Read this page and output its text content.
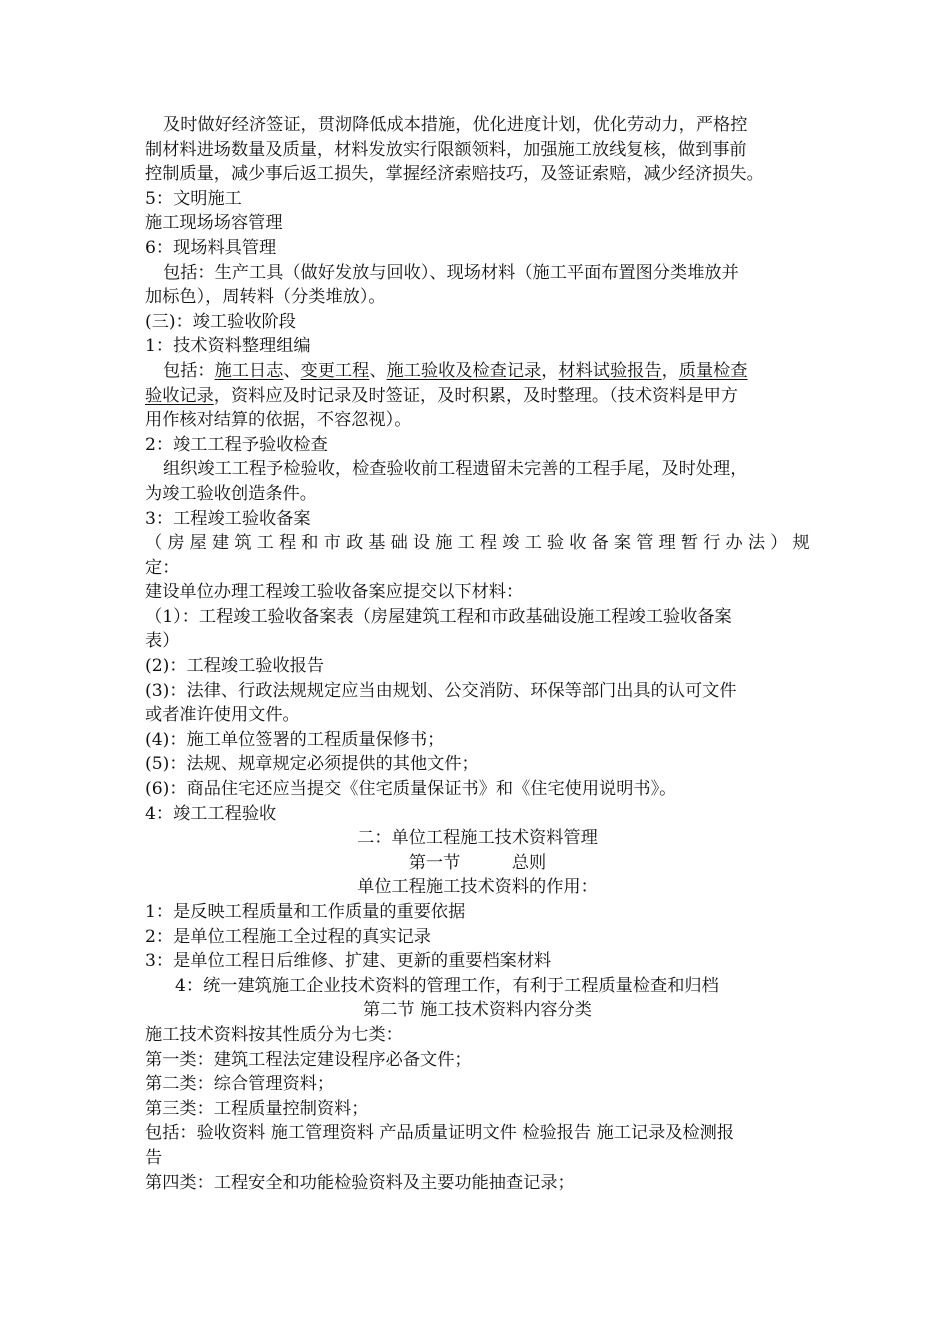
及时做好经济签证，贯沏降低成本措施，优化进度计划，优化劳动力，严格控
制材料进场数量及质量，材料发放实行限额领料，加强施工放线复核，做到事前
控制质量，减少事后返工损失，掌握经济索赔技巧，及签证索赔，减少经济损失。
5：文明施工
施工现场场容管理
6：现场料具管理
包括：生产工具（做好发放与回收）、现场材料（施工平面布置图分类堆放并
加标色），周转料（分类堆放）。
(三)：竣工验收阶段
1：技术资料整理组编
包括：施工日志、变更工程、施工验收及检查记录，材料试验报告，质量检查
验收记录，资料应及时记录及时签证，及时积累，及时整理。（技术资料是甲方
用作核对结算的依据，不容忽视）。
2：竣工工程予验收检查
组织竣工工程予检验收，检查验收前工程遗留未完善的工程手尾，及时处理，
为竣工验收创造条件。
3：工程竣工验收备案
（ 房 屋 建 筑 工 程 和 市 政 基 础 设 施 工 程 竣 工 验 收 备 案 管 理 暂 行 办 法 ） 规
定：
建设单位办理工程竣工验收备案应提交以下材料：
（1）：工程竣工验收备案表（房屋建筑工程和市政基础设施工程竣工验收备案
表）
(2)：工程竣工验收报告
(3)：法律、行政法规规定应当由规划、公交消防、环保等部门出具的认可文件
或者准许使用文件。
(4)：施工单位签署的工程质量保修书；
(5)：法规、规章规定必须提供的其他文件；
(6)：商品住宅还应当提交《住宅质量保证书》和《住宅使用说明书》。
4：竣工工程验收
二：单位工程施工技术资料管理
第一节　　　总则
单位工程施工技术资料的作用：
1：是反映工程质量和工作质量的重要依据
2：是单位工程施工全过程的真实记录
3：是单位工程日后维修、扩建、更新的重要档案材料
4：统一建筑施工企业技术资料的管理工作，有利于工程质量检查和归档
第二节 施工技术资料内容分类
施工技术资料按其性质分为七类：
第一类：建筑工程法定建设程序必备文件；
第二类：综合管理资料；
第三类：工程质量控制资料；
包括：验收资料 施工管理资料 产品质量证明文件 检验报告 施工记录及检测报
告
第四类：工程安全和功能检验资料及主要功能抽查记录；
